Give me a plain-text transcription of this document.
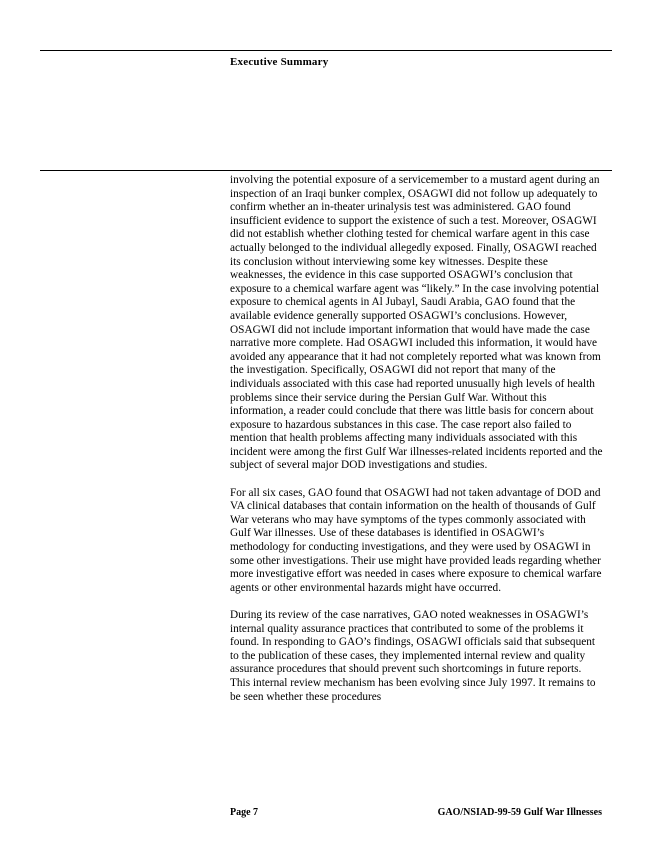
Executive Summary

involving the potential exposure of a servicemember to a mustard agent during an inspection of an Iraqi bunker complex, OSAGWI did not follow up adequately to confirm whether an in-theater urinalysis test was administered. GAO found insufficient evidence to support the existence of such a test. Moreover, OSAGWI did not establish whether clothing tested for chemical warfare agent in this case actually belonged to the individual allegedly exposed. Finally, OSAGWI reached its conclusion without interviewing some key witnesses. Despite these weaknesses, the evidence in this case supported OSAGWI’s conclusion that exposure to a chemical warfare agent was “likely.” In the case involving potential exposure to chemical agents in Al Jubayl, Saudi Arabia, GAO found that the available evidence generally supported OSAGWI’s conclusions. However, OSAGWI did not include important information that would have made the case narrative more complete. Had OSAGWI included this information, it would have avoided any appearance that it had not completely reported what was known from the investigation. Specifically, OSAGWI did not report that many of the individuals associated with this case had reported unusually high levels of health problems since their service during the Persian Gulf War. Without this information, a reader could conclude that there was little basis for concern about exposure to hazardous substances in this case. The case report also failed to mention that health problems affecting many individuals associated with this incident were among the first Gulf War illnesses-related incidents reported and the subject of several major DOD investigations and studies.

For all six cases, GAO found that OSAGWI had not taken advantage of DOD and VA clinical databases that contain information on the health of thousands of Gulf War veterans who may have symptoms of the types commonly associated with Gulf War illnesses. Use of these databases is identified in OSAGWI’s methodology for conducting investigations, and they were used by OSAGWI in some other investigations. Their use might have provided leads regarding whether more investigative effort was needed in cases where exposure to chemical warfare agents or other environmental hazards might have occurred.

During its review of the case narratives, GAO noted weaknesses in OSAGWI’s internal quality assurance practices that contributed to some of the problems it found. In responding to GAO’s findings, OSAGWI officials said that subsequent to the publication of these cases, they implemented internal review and quality assurance procedures that should prevent such shortcomings in future reports. This internal review mechanism has been evolving since July 1997. It remains to be seen whether these procedures

Page 7	GAO/NSIAD-99-59 Gulf War Illnesses
